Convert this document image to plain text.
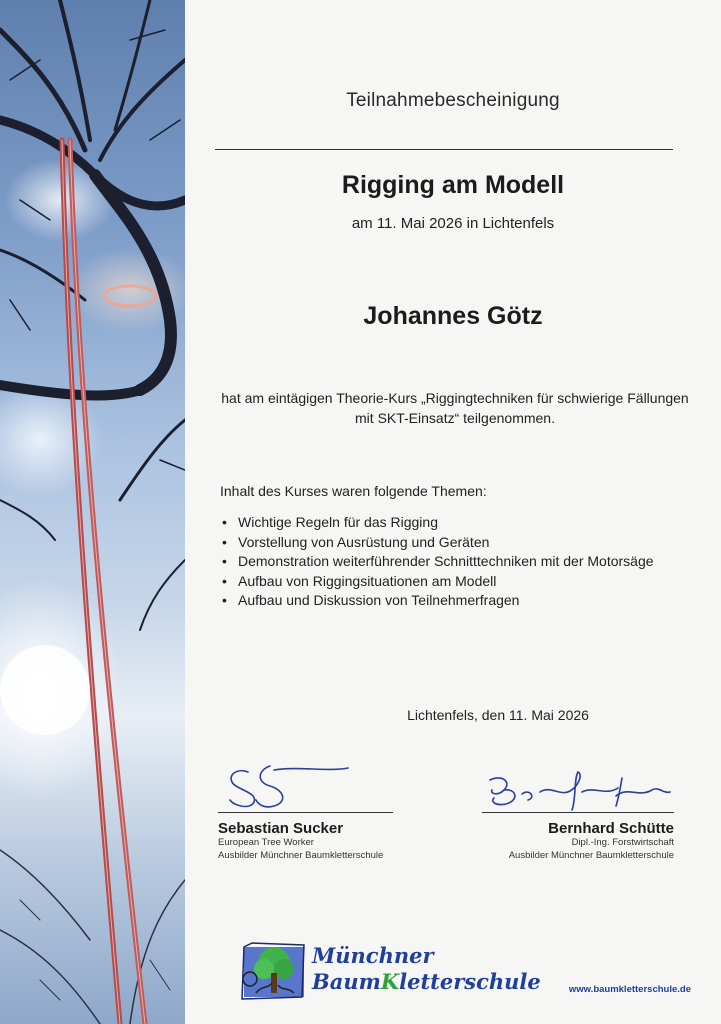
Teilnahmebescheinigung
Rigging am Modell
am 11. Mai 2026 in Lichtenfels
Johannes Götz
hat am eintägigen Theorie-Kurs „Riggingtechniken für schwierige Fällungen
mit SKT-Einsatz“ teilgenommen.
Inhalt des Kurses waren folgende Themen:
• Wichtige Regeln für das Rigging
• Vorstellung von Ausrüstung und Geräten
• Demonstration weiterführender Schnitttechniken mit der Motorsäge
• Aufbau von Riggingsituationen am Modell
• Aufbau und Diskussion von Teilnehmerfragen
Lichtenfels, den 11. Mai 2026
Sebastian Sucker
European Tree Worker
Ausbilder Münchner Baumkletterschule
Bernhard Schütte
Dipl.-Ing. Forstwirtschaft
Ausbilder Münchner Baumkletterschule
Münchner
BaumKletterschule	www.baumkletterschule.de
